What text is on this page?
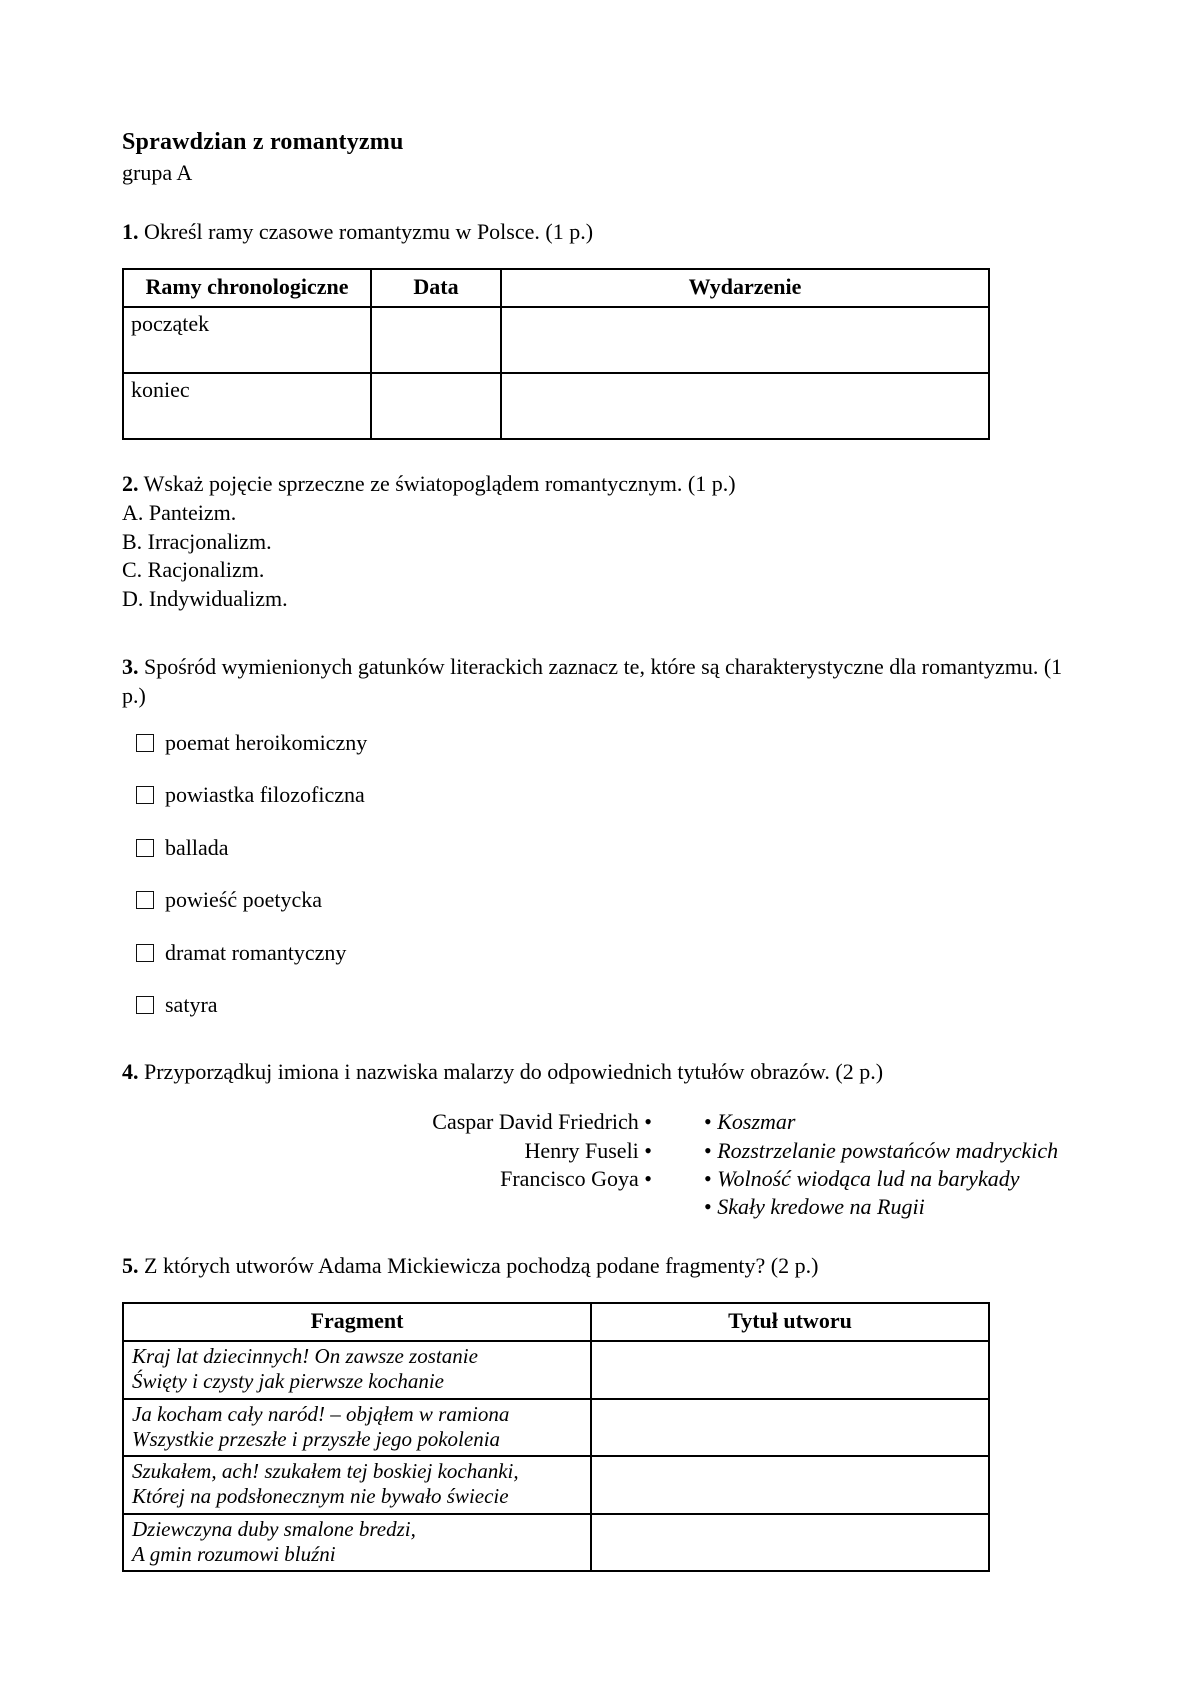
Sprawdzian z romantyzmu
grupa A

1. Określ ramy czasowe romantyzmu w Polsce. (1 p.)

Ramy chronologiczne	Data	Wydarzenie
początek		
koniec		

2. Wskaż pojęcie sprzeczne ze światopoglądem romantycznym. (1 p.)

A. Panteizm.

B. Irracjonalizm.

C. Racjonalizm.

D. Indywidualizm.

3. Spośród wymienionych gatunków literackich zaznacz te, które są charakterystyczne dla romantyzmu. (1 p.)

poemat heroikomiczny
powiastka filozoficzna
ballada
powieść poetycka
dramat romantyczny
satyra

4. Przyporządkuj imiona i nazwiska malarzy do odpowiednich tytułów obrazów. (2 p.)

Caspar David Friedrich •
Henry Fuseli •
Francisco Goya •
• Koszmar
• Rozstrzelanie powstańców madryckich
• Wolność wiodąca lud na barykady
• Skały kredowe na Rugii

5. Z których utworów Adama Mickiewicza pochodzą podane fragmenty? (2 p.)

Fragment	Tytuł utworu

Kraj lat dziecinnych! On zawsze zostanie
Święty i czysty jak pierwsze kochanie	

Ja kocham cały naród! – objąłem w ramiona
Wszystkie przeszłe i przyszłe jego pokolenia	

Szukałem, ach! szukałem tej boskiej kochanki,
Której na podsłonecznym nie bywało świecie	

Dziewczyna duby smalone bredzi,
A gmin rozumowi bluźni	
